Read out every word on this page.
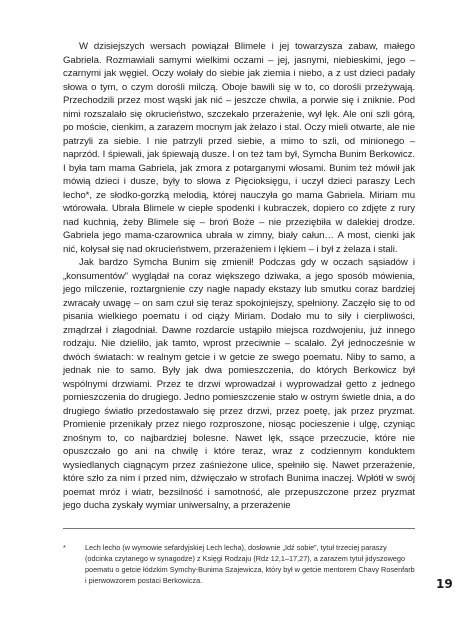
W dzisiejszych wersach powiązał Blimele i jej towarzysza zabaw, małego Gabriela. Rozmawiali samymi wielkimi oczami – jej, jasnymi, niebieskimi, jego – czarnymi jak węgiel. Oczy wołały do siebie jak ziemia i niebo, a z ust dzieci padały słowa o tym, o czym dorośli milczą. Oboje bawili się w to, co dorośli przeżywają. Przechodzili przez most wąski jak nić – jeszcze chwila, a porwie się i zniknie. Pod nimi rozszalało się okrucieństwo, szczekało przerażenie, wył lęk. Ale oni szli górą, po moście, cienkim, a zarazem mocnym jak żelazo i stal. Oczy mieli otwarte, ale nie patrzyli za siebie. I nie patrzyli przed siebie, a mimo to szli, od minionego – naprzód. I śpiewali, jak śpiewają dusze. I on też tam był, Symcha Bunim Berkowicz. I była tam mama Gabriela, jak zmora z potarganymi włosami. Bunim też mówił jak mówią dzieci i dusze, były to słowa z Pięcioksięgu, i uczył dzieci paraszy Lech lecho*, ze słodko-gorzką melodią, której nauczyła go mama Gabriela. Miriam mu wtórowała. Ubrała Blimele w ciepłe spodenki i kubraczek, dopiero co zdjęte z rury nad kuchnią, żeby Blimele się – broń Boże – nie przeziębiła w dalekiej drodze. Gabriela jego mama-czarownica ubrała w zimny, biały całun… A most, cienki jak nić, kołysał się nad okrucieństwem, przerażeniem i lękiem – i był z żelaza i stali.

Jak bardzo Symcha Bunim się zmienił! Podczas gdy w oczach sąsiadów i „konsumentów” wyglądał na coraz większego dziwaka, a jego sposób mówienia, jego milczenie, roztargnienie czy nagłe napady ekstazy lub smutku coraz bardziej zwracały uwagę – on sam czuł się teraz spokojniejszy, spełniony. Zaczęło się to od pisania wielkiego poematu i od ciąży Miriam. Dodało mu to siły i cierpliwości, zmądrzał i złagodniał. Dawne rozdarcie ustąpiło miejsca rozdwojeniu, już innego rodzaju. Nie dzieliło, jak tamto, wprost przeciwnie – scalało. Żył jednocześnie w dwóch światach: w realnym getcie i w getcie ze swego poematu. Niby to samo, a jednak nie to samo. Były jak dwa pomieszczenia, do których Berkowicz był wspólnymi drzwiami. Przez te drzwi wprowadzał i wyprowadzał getto z jednego pomieszczenia do drugiego. Jedno pomieszczenie stało w ostrym świetle dnia, a do drugiego światło przedostawało się przez drzwi, przez poetę, jak przez pryzmat. Promienie przenikały przez niego rozproszone, niosąc pocieszenie i ulgę, czyniąc znośnym to, co najbardziej bolesne. Nawet lęk, ssące przeczucie, które nie opuszczało go ani na chwilę i które teraz, wraz z codziennym konduktem wysiedlanych ciągnącym przez zaśnieżone ulice, spełniło się. Nawet przerażenie, które szło za nim i przed nim, dźwięczało w strofach Bunima inaczej. Wpłótł w swój poemat mróz i wiatr, bezsilność i samotność, ale przepuszczone przez pryzmat jego ducha zyskały wymiar uniwersalny, a przerażenie

*	Lech lecho (w wymowie sefardyjskiej Lech lecha), dosłownie „Idź sobie”, tytuł trzeciej paraszy (odcinka czytanego w synagodze) z Księgi Rodzaju (Rdz 12,1–17,27), a zarazem tytuł jidyszowego poematu o getcie łódzkim Symchy-Bunima Szajewicza, który był w getcie mentorem Chavy Rosenfarb i pierwowzorem postaci Berkowicza.	19
